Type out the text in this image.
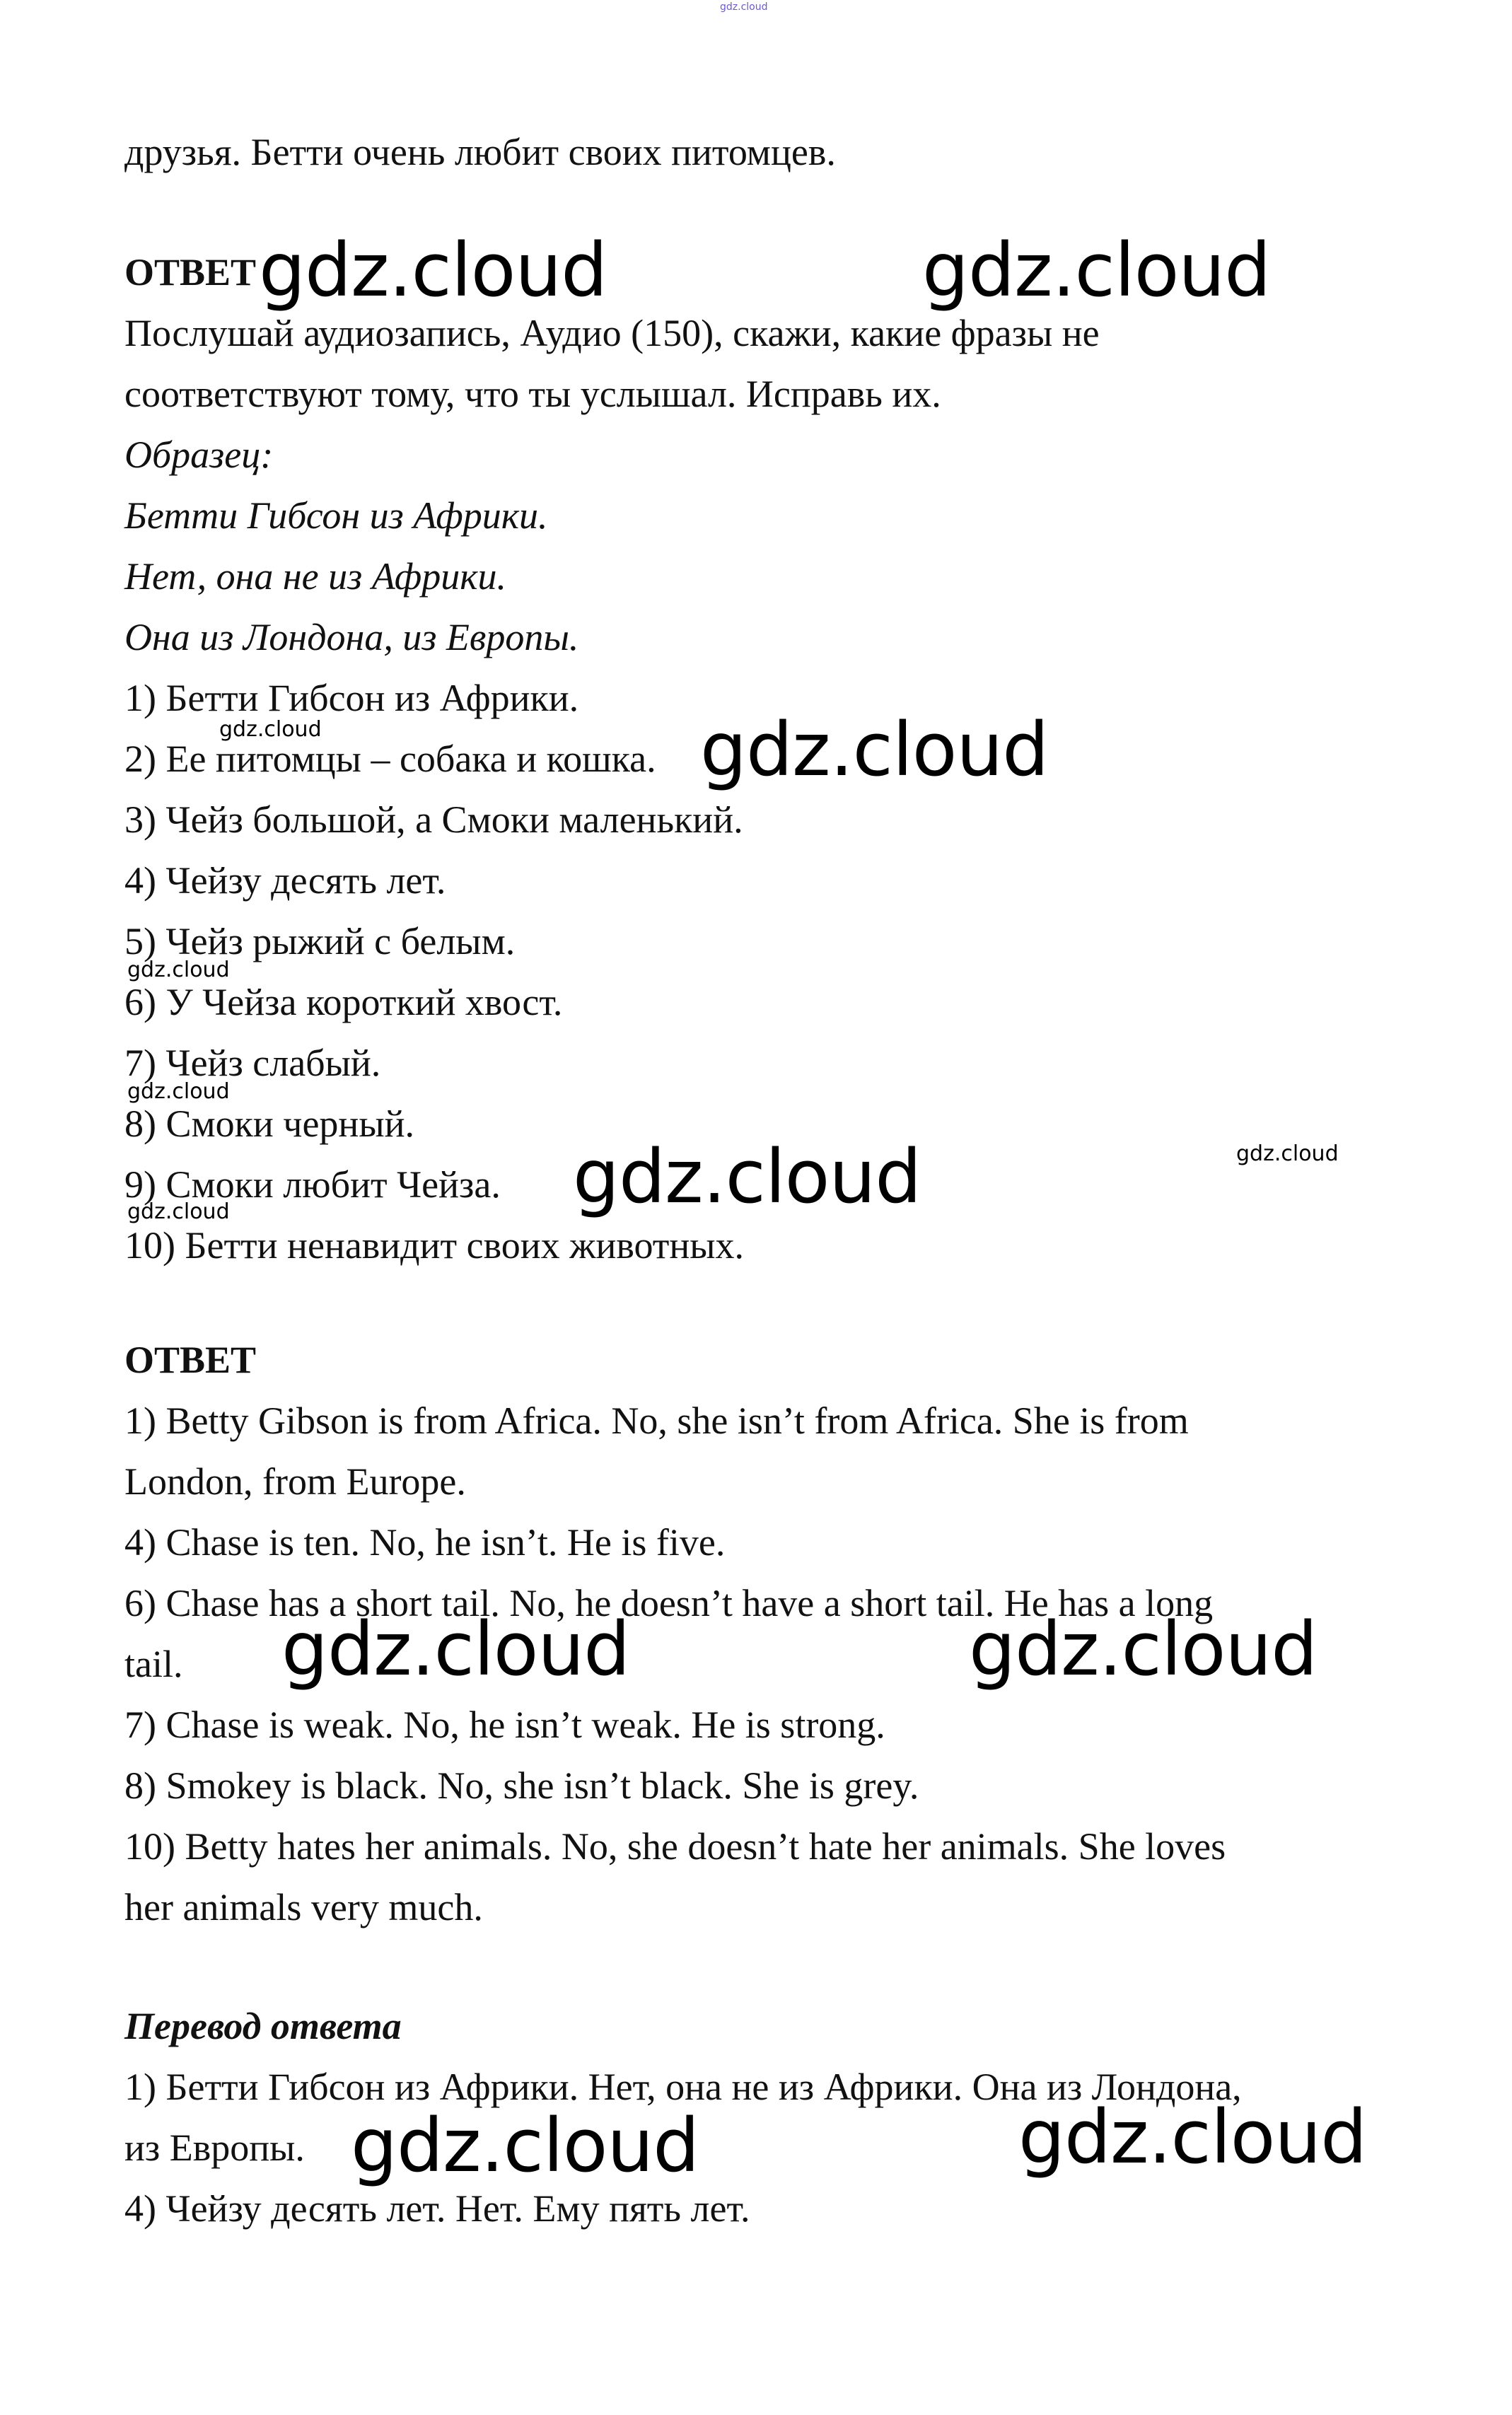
gdz.cloud

друзья. Бетти очень любит своих питомцев.

ОТВЕТ

Послушай аудиозапись, Аудио (150), скажи, какие фразы не

соответствуют тому, что ты услышал. Исправь их.

Образец:

Бетти Гибсон из Африки.

Нет, она не из Африки.

Она из Лондона, из Европы.

1) Бетти Гибсон из Африки.

2) Ее питомцы – собака и кошка.

3) Чейз большой, а Смоки маленький.

4) Чейзу десять лет.

5) Чейз рыжий с белым.

6) У Чейза короткий хвост.

7) Чейз слабый.

8) Смоки черный.

9) Смоки любит Чейза.

10) Бетти ненавидит своих животных.

ОТВЕТ

1) Betty Gibson is from Africa. No, she isn’t from Africa. She is from

London, from Europe.

4) Chase is ten. No, he isn’t. He is five.

6) Chase has a short tail. No, he doesn’t have a short tail. He has a long

tail.

7) Chase is weak. No, he isn’t weak. He is strong.

8) Smokey is black. No, she isn’t black. She is grey.

10) Betty hates her animals. No, she doesn’t hate her animals. She loves

her animals very much.

Перевод ответа

1) Бетти Гибсон из Африки. Нет, она не из Африки. Она из Лондона,

из Европы.

4) Чейзу десять лет. Нет. Ему пять лет.

gdz.cloud	gdz.cloud
gdz.cloud
gdz.cloud
gdz.cloud	gdz.cloud
gdz.cloud	gdz.cloud
gdz.cloud
gdz.cloud
gdz.cloud
gdz.cloud
gdz.cloud
